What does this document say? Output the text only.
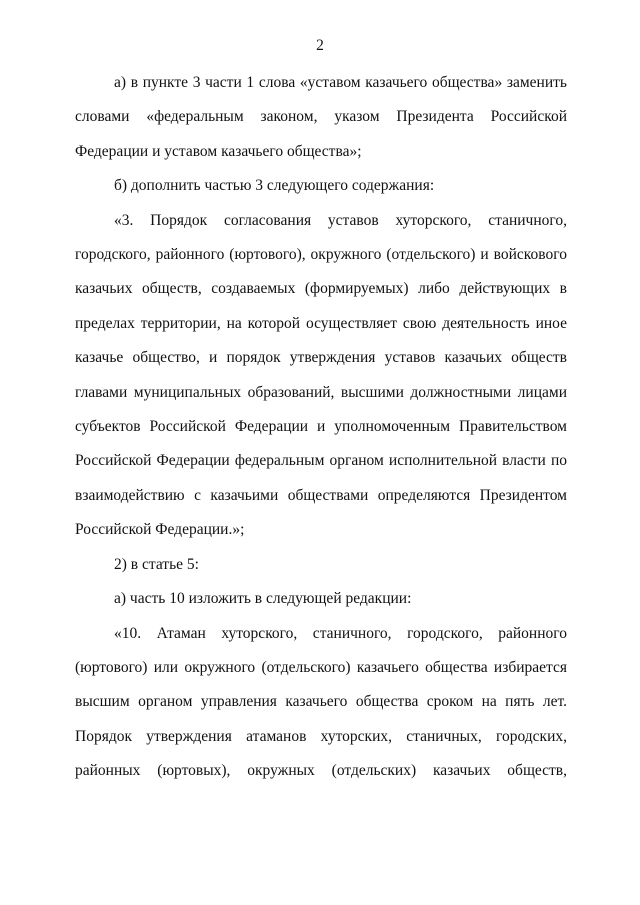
2

а) в пункте 3 части 1 слова «уставом казачьего общества» заменить словами «федеральным законом, указом Президента Российской Федерации и уставом казачьего общества»;

б) дополнить частью 3 следующего содержания:

«3. Порядок согласования уставов хуторского, станичного, городского, районного (юртового), окружного (отдельского) и войскового казачьих обществ, создаваемых (формируемых) либо действующих в пределах территории, на которой осуществляет свою деятельность иное казачье общество, и порядок утверждения уставов казачьих обществ главами муниципальных образований, высшими должностными лицами субъектов Российской Федерации и уполномоченным Правительством Российской Федерации федеральным органом исполнительной власти по взаимодействию с казачьими обществами определяются Президентом Российской Федерации.»;

2) в статье 5:

а) часть 10 изложить в следующей редакции:

«10. Атаман хуторского, станичного, городского, районного (юртового) или окружного (отдельского) казачьего общества избирается высшим органом управления казачьего общества сроком на пять лет. Порядок утверждения атаманов хуторских, станичных, городских, районных (юртовых), окружных (отдельских) казачьих обществ,
